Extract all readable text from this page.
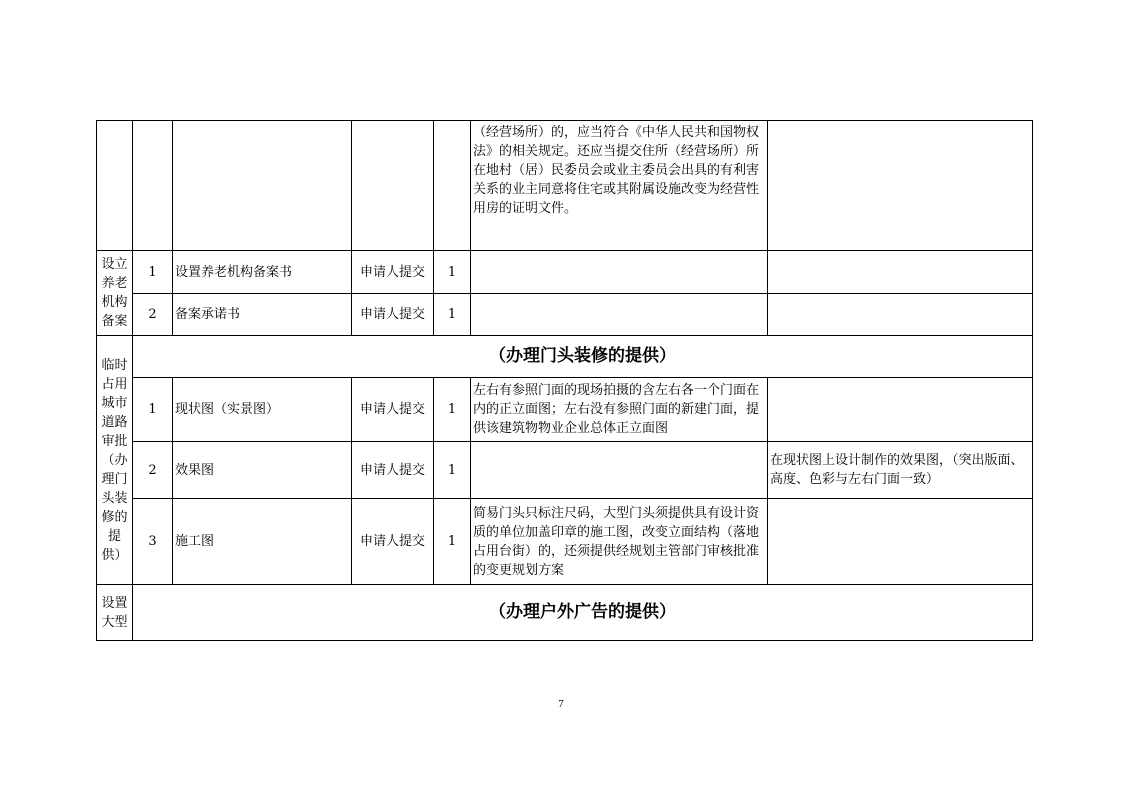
					（经营场所）的，应当符合《中华人民共和国物权法》的相关规定。还应当提交住所（经营场所）所在地村（居）民委员会或业主委员会出具的有利害关系的业主同意将住宅或其附属设施改变为经营性用房的证明文件。	
设立养老机构备案	1	设置养老机构备案书	申请人提交	1		
	2	备案承诺书	申请人提交	1		
临时占用城市道路审批（办理门头装修的提供）	（办理门头装修的提供）					
	1	现状图（实景图）	申请人提交	1	左右有参照门面的现场拍摄的含左右各一个门面在内的正立面图；左右没有参照门面的新建门面，提供该建筑物物业企业总体正立面图	
	2	效果图	申请人提交	1		在现状图上设计制作的效果图，（突出版面、高度、色彩与左右门面一致）
	3	施工图	申请人提交	1	简易门头只标注尺码，大型门头须提供具有设计资质的单位加盖印章的施工图，改变立面结构（落地占用台街）的，还须提供经规划主管部门审核批准的变更规划方案	
设置大型	（办理户外广告的提供）					
7
